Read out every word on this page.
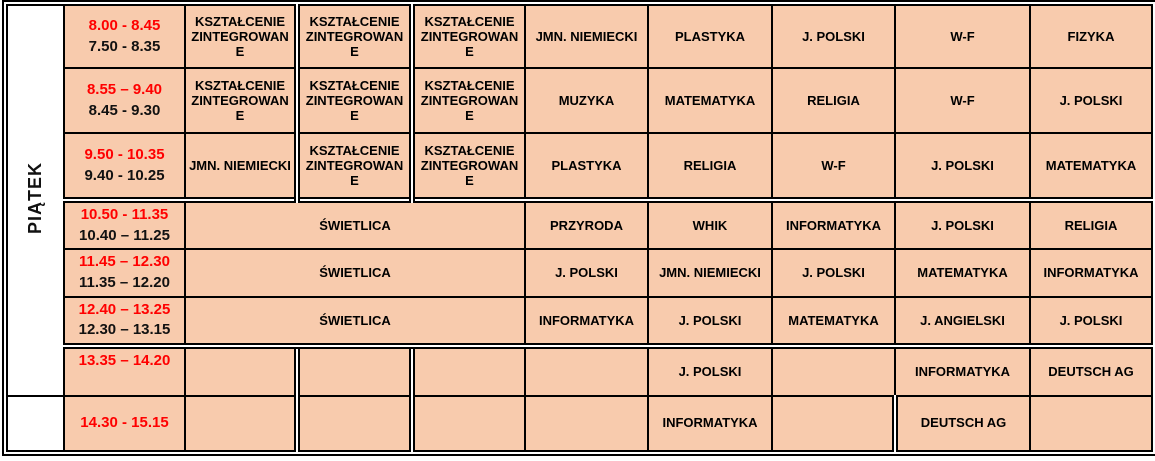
PIĄTEK	8.00 - 8.45
7.50 - 8.35	KSZTAŁCENIE ZINTEGROWANE	KSZTAŁCENIE ZINTEGROWANE	KSZTAŁCENIE ZINTEGROWANE	JMN. NIEMIECKI	PLASTYKA	J. POLSKI	W-F	FIZYKA

	8.55 – 9.40
8.45 - 9.30	KSZTAŁCENIE ZINTEGROWANE	KSZTAŁCENIE ZINTEGROWANE	KSZTAŁCENIE ZINTEGROWANE	MUZYKA	MATEMATYKA	RELIGIA	W-F	J. POLSKI

	9.50 - 10.35
9.40 - 10.25	JMN. NIEMIECKI	KSZTAŁCENIE ZINTEGROWANE	KSZTAŁCENIE ZINTEGROWANE	PLASTYKA	RELIGIA	W-F	J. POLSKI	MATEMATYKA

	10.50 - 11.35
10.40 – 11.25	ŚWIETLICA			PRZYRODA	WHIK	INFORMATYKA	J. POLSKI	RELIGIA

	11.45 – 12.30
11.35 – 12.20	ŚWIETLICA			J. POLSKI	JMN. NIEMIECKI	J. POLSKI	MATEMATYKA	INFORMATYKA

	12.40 – 13.25
12.30 – 13.15	ŚWIETLICA			INFORMATYKA	J. POLSKI	MATEMATYKA	J. ANGIELSKI	J. POLSKI

	13.35 – 14.20					J. POLSKI		INFORMATYKA	DEUTSCH AG

	14.30 - 15.15					INFORMATYKA		DEUTSCH AG	
